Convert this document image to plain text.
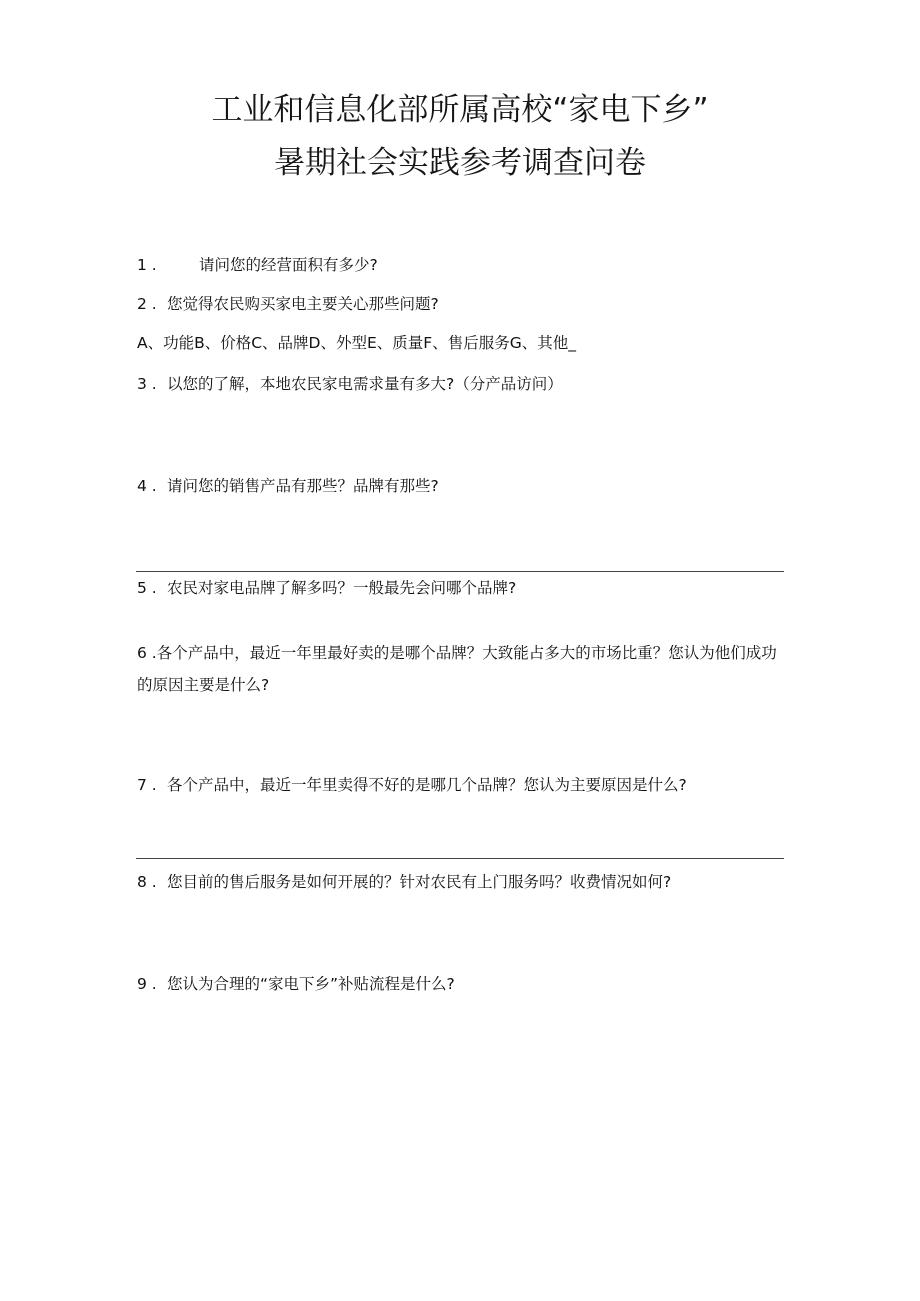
工业和信息化部所属高校“家电下乡”
暑期社会实践参考调查问卷
1 .	请问您的经营面积有多少?
2 . 您觉得农民购买家电主要关心那些问题?
A、功能B、价格C、品牌D、外型E、质量F、售后服务G、其他_
3 . 以您的了解，本地农民家电需求量有多大?（分产品访问）
4 . 请问您的销售产品有那些？品牌有那些?
5 . 农民对家电品牌了解多吗？一般最先会问哪个品牌?
6 .各个产品中，最近一年里最好卖的是哪个品牌？大致能占多大的市场比重？您认为他们成功的原因主要是什么?
7 . 各个产品中，最近一年里卖得不好的是哪几个品牌？您认为主要原因是什么?
8 . 您目前的售后服务是如何开展的？针对农民有上门服务吗？收费情况如何?
9 . 您认为合理的“家电下乡”补贴流程是什么?
